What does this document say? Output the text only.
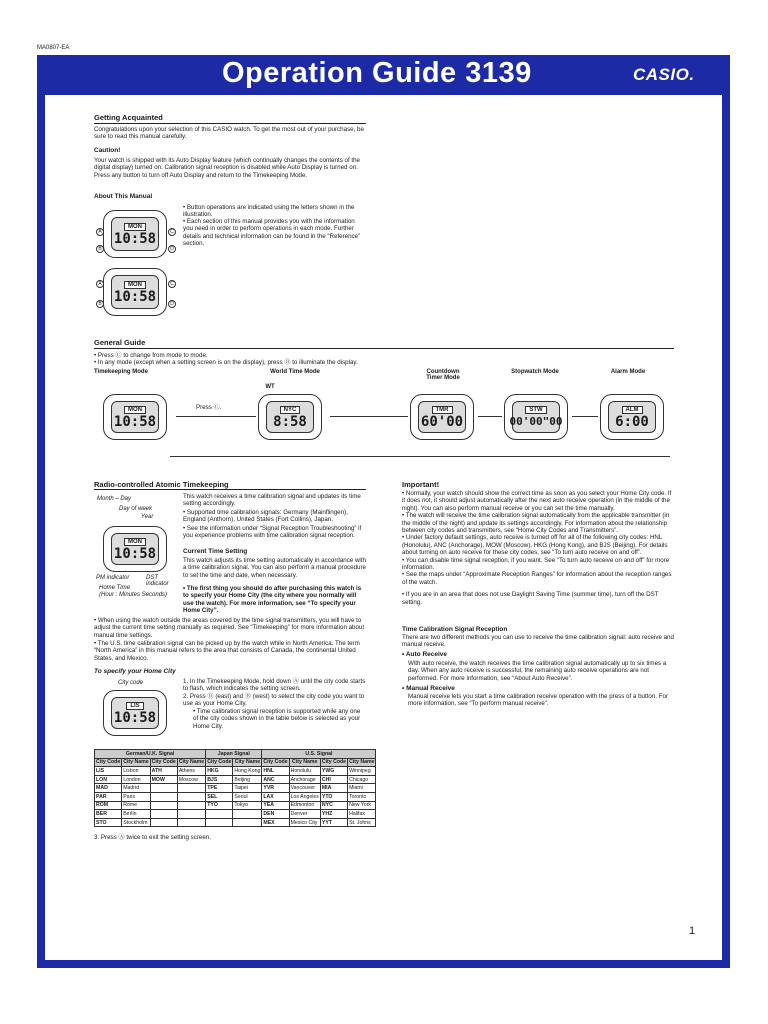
MA0807-EA
Operation Guide 3139	CASIO.
Getting Acquainted
Congratulations upon your selection of this CASIO watch. To get the most out of your purchase, be sure to read this manual carefully.
Caution!
Your watch is shipped with its Auto Display feature (which continually changes the contents of the digital display) turned on. Calibration signal reception is disabled while Auto Display is turned on. Press any button to turn off Auto Display and return to the Timekeeping Mode.
About This Manual
• Button operations are indicated using the letters shown in the illustration.
• Each section of this manual provides you with the information you need in order to perform operations in each mode. Further details and technical information can be found in the “Reference” section.
MON
10:58
MON
10:58
A
B
C
D
A
B
C
D
General Guide
• Press Ⓒ to change from mode to mode.
• In any mode (except when a setting screen is on the display), press Ⓑ to illuminate the display.
Timekeeping Mode	World Time Mode	Countdown Timer Mode
Stopwatch Mode	Alarm Mode
WT
MON
10:58
NYC
8:58
TMR
60'00
STW
00'00"00
ALM
6:00
Press Ⓒ.
Radio-controlled Atomic Timekeeping
Month – Day
Day of week
Year
MON
10:58
PM indicator	DST indicator
Home Time
(Hour : Minutes Seconds)
This watch receives a time calibration signal and updates its time setting accordingly.
• Supported time calibration signals: Germany (Mainflingen), England (Anthorn), United States (Fort Collins), Japan.
• See the information under “Signal Reception Troubleshooting” if you experience problems with time calibration signal reception.
Current Time Setting
This watch adjusts its time setting automatically in accordance with a time calibration signal. You can also perform a manual procedure to set the time and date, when necessary.
• The first thing you should do after purchasing this watch is to specify your Home City (the city where you normally will use the watch). For more information, see “To specify your Home City”.
• When using the watch outside the areas covered by the time signal transmitters, you will have to adjust the current time setting manually as required. See “Timekeeping” for more information about manual time settings.
• The U.S. time calibration signal can be picked up by the watch while in North America. The term “North America” in this manual refers to the area that consists of Canada, the continental United States, and Mexico.
To specify your Home City
City code
LIS
10:58
1. In the Timekeeping Mode, hold down Ⓐ until the city code starts to flash, which indicates the setting screen.
2. Press Ⓓ (east) and Ⓑ (west) to select the city code you want to use as your Home City.
• Time calibration signal reception is supported while any one of the city codes shown in the table below is selected as your Home City.
German/U.K. Signal				Japan Signal		U.S. Signal			
City Code	City Name	City Code	City Name	City Code	City Name	City Code	City Name	City Code	City Name
LIS	Lisbon	ATH	Athens	HKG	Hong Kong	HNL	Honolulu	YWG	Winnipeg
LON	London	MOW	Moscow	BJS	Beijing	ANC	Anchorage	CHI	Chicago
MAD	Madrid			TPE	Taipei	YVR	Vancouver	MIA	Miami
PAR	Paris			SEL	Seoul	LAX	Los Angeles	YTO	Toronto
ROM	Rome			TYO	Tokyo	YEA	Edmonton	NYC	New York
BER	Berlin					DEN	Denver	YHZ	Halifax
STO	Stockholm					MEX	Mexico City	YYT	St. Johns
3. Press Ⓐ twice to exit the setting screen.
Important!
• Normally, your watch should show the correct time as soon as you select your Home City code. If it does not, it should adjust automatically after the next auto receive operation (in the middle of the night). You can also perform manual receive or you can set the time manually.
• The watch will receive the time calibration signal automatically from the applicable transmitter (in the middle of the night) and update its settings accordingly. For information about the relationship between city codes and transmitters, see “Home City Codes and Transmitters”.
• Under factory default settings, auto receive is turned off for all of the following city codes: HNL (Honolulu), ANC (Anchorage), MOW (Moscow), HKG (Hong Kong), and BJS (Beijing). For details about turning on auto receive for these city codes, see “To turn auto receive on and off”.
• You can disable time signal reception, if you want. See “To turn auto receive on and off” for more information.
• See the maps under “Approximate Reception Ranges” for information about the reception ranges of the watch.
• If you are in an area that does not use Daylight Saving Time (summer time), turn off the DST setting.
Time Calibration Signal Reception
There are two different methods you can use to receive the time calibration signal: auto receive and manual receive.
• Auto Receive
With auto receive, the watch receives the time calibration signal automatically up to six times a day. When any auto receive is successful, the remaining auto receive operations are not performed. For more information, see “About Auto Receive”.
• Manual Receive
Manual receive lets you start a time calibration receive operation with the press of a button. For more information, see “To perform manual receive”.
1
